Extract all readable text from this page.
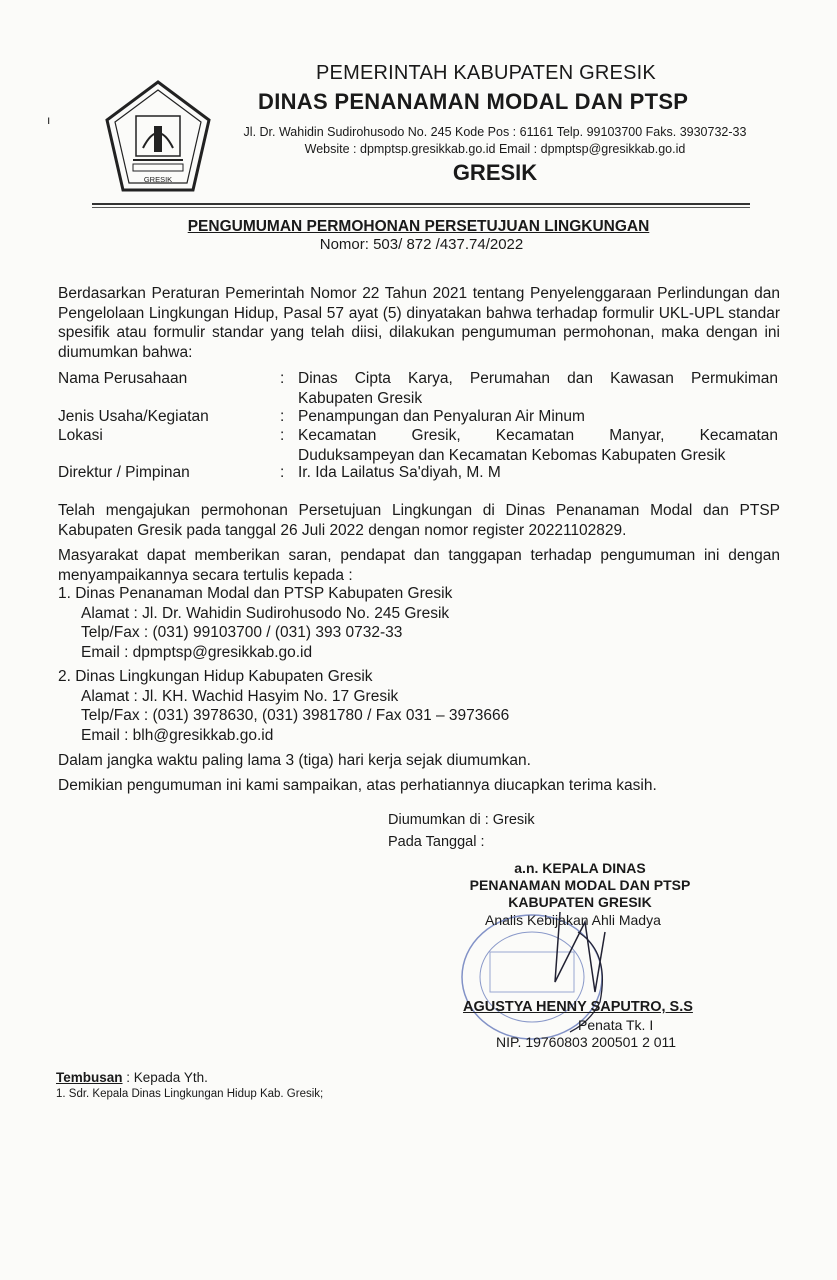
ı
GRESIK
PEMERINTAH KABUPATEN GRESIK
DINAS PENANAMAN MODAL DAN PTSP
Jl. Dr. Wahidin Sudirohusodo No. 245 Kode Pos : 61161 Telp. 99103700 Faks. 3930732-33
Website : dpmptsp.gresikkab.go.id Email : dpmptsp@gresikkab.go.id
GRESIK
PENGUMUMAN PERMOHONAN PERSETUJUAN LINGKUNGAN
Nomor: 503/ 872 /437.74/2022
Berdasarkan Peraturan Pemerintah Nomor 22 Tahun 2021 tentang Penyelenggaraan Perlindungan dan Pengelolaan Lingkungan Hidup, Pasal 57 ayat (5) dinyatakan bahwa terhadap formulir UKL-UPL standar spesifik atau formulir standar yang telah diisi, dilakukan pengumuman permohonan, maka dengan ini diumumkan bahwa:
Nama Perusahaan	: Dinas Cipta Karya, Perumahan dan Kawasan Permukiman
Kabupaten Gresik
Jenis Usaha/Kegiatan	: Penampungan dan Penyaluran Air Minum
Lokasi	: Kecamatan Gresik, Kecamatan Manyar, Kecamatan
Duduksampeyan dan Kecamatan Kebomas Kabupaten Gresik
Direktur / Pimpinan	: Ir. Ida Lailatus Sa'diyah, M. M
Telah mengajukan permohonan Persetujuan Lingkungan di Dinas Penanaman Modal dan PTSP Kabupaten Gresik pada tanggal 26 Juli 2022 dengan nomor register 20221102829.
Masyarakat dapat memberikan saran, pendapat dan tanggapan terhadap pengumuman ini dengan menyampaikannya secara tertulis kepada :
1. Dinas Penanaman Modal dan PTSP Kabupaten Gresik
Alamat : Jl. Dr. Wahidin Sudirohusodo No. 245 Gresik
Telp/Fax : (031) 99103700 / (031) 393 0732-33
Email : dpmptsp@gresikkab.go.id
2. Dinas Lingkungan Hidup Kabupaten Gresik
Alamat : Jl. KH. Wachid Hasyim No. 17 Gresik
Telp/Fax : (031) 3978630, (031) 3981780 / Fax 031 – 3973666
Email : blh@gresikkab.go.id
Dalam jangka waktu paling lama 3 (tiga) hari kerja sejak diumumkan.
Demikian pengumuman ini kami sampaikan, atas perhatiannya diucapkan terima kasih.
Diumumkan di : Gresik
Pada Tanggal :
a.n. KEPALA DINAS
PENANAMAN MODAL DAN PTSP
KABUPATEN GRESIK
Analis Kebijakan Ahli Madya
AGUSTYA HENNY SAPUTRO, S.S
Penata Tk. I
NIP. 19760803 200501 2 011
Tembusan : Kepada Yth.
1. Sdr. Kepala Dinas Lingkungan Hidup Kab. Gresik;
